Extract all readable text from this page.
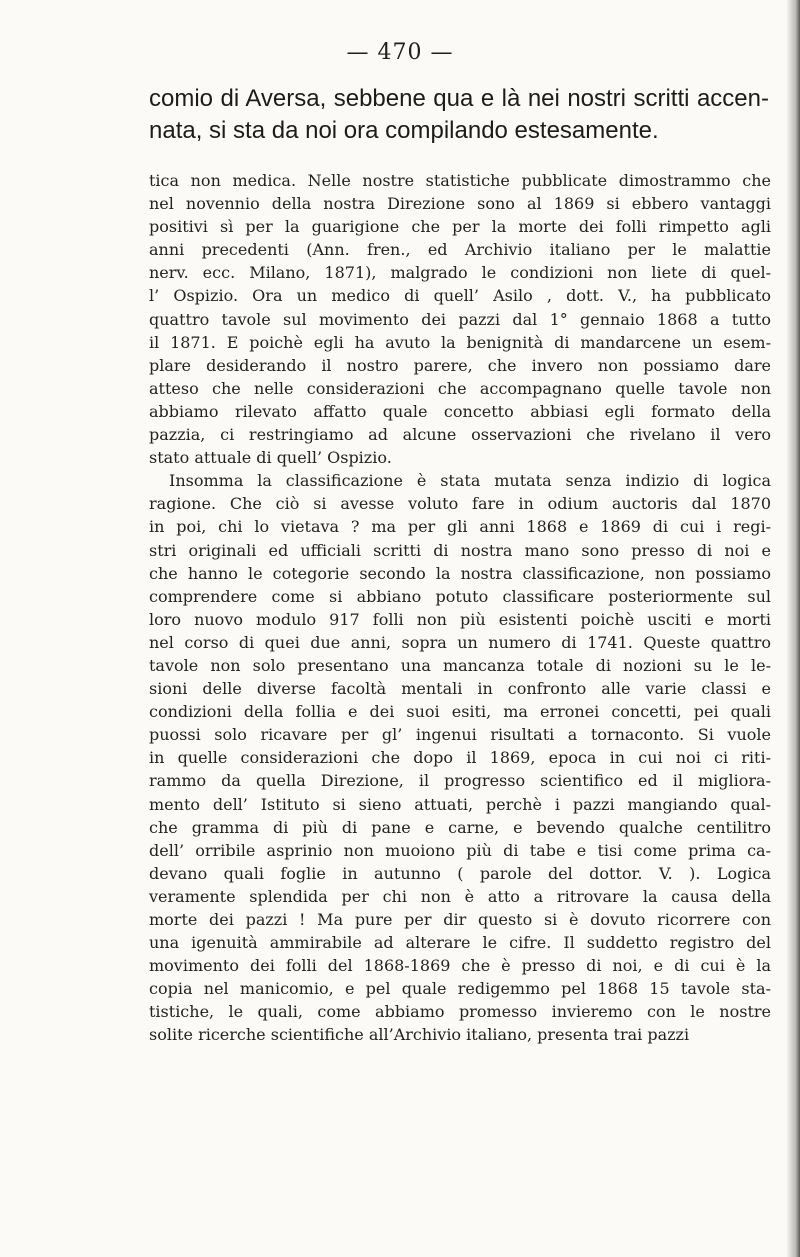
— 470 —
comio di Aversa, sebbene qua e là nei nostri scritti accen-
nata, si sta da noi ora compilando estesamente.
tica non medica. Nelle nostre statistiche pubblicate dimostrammo che
nel novennio della nostra Direzione sono al 1869 si ebbero vantaggi
positivi sì per la guarigione che per la morte dei folli rimpetto agli
anni precedenti (Ann. fren., ed Archivio italiano per le malattie
nerv. ecc. Milano, 1871), malgrado le condizioni non liete di quel-
l’ Ospizio. Ora un medico di quell’ Asilo , dott. V., ha pubblicato
quattro tavole sul movimento dei pazzi dal 1° gennaio 1868 a tutto
il 1871. E poichè egli ha avuto la benignità di mandarcene un esem-
plare desiderando il nostro parere, che invero non possiamo dare
atteso che nelle considerazioni che accompagnano quelle tavole non
abbiamo rilevato affatto quale concetto abbiasi egli formato della
pazzia, ci restringiamo ad alcune osservazioni che rivelano il vero
stato attuale di quell’ Ospizio.
Insomma la classificazione è stata mutata senza indizio di logica
ragione. Che ciò si avesse voluto fare in odium auctoris dal 1870
in poi, chi lo vietava ? ma per gli anni 1868 e 1869 di cui i regi-
stri originali ed ufficiali scritti di nostra mano sono presso di noi e
che hanno le cotegorie secondo la nostra classificazione, non possiamo
comprendere come si abbiano potuto classificare posteriormente sul
loro nuovo modulo 917 folli non più esistenti poichè usciti e morti
nel corso di quei due anni, sopra un numero di 1741. Queste quattro
tavole non solo presentano una mancanza totale di nozioni su le le-
sioni delle diverse facoltà mentali in confronto alle varie classi e
condizioni della follia e dei suoi esiti, ma erronei concetti, pei quali
puossi solo ricavare per gl’ ingenui risultati a tornaconto. Si vuole
in quelle considerazioni che dopo il 1869, epoca in cui noi ci riti-
rammo da quella Direzione, il progresso scientifico ed il migliora-
mento dell’ Istituto si sieno attuati, perchè i pazzi mangiando qual-
che gramma di più di pane e carne, e bevendo qualche centilitro
dell’ orribile asprinio non muoiono più di tabe e tisi come prima ca-
devano quali foglie in autunno ( parole del dottor. V. ). Logica
veramente splendida per chi non è atto a ritrovare la causa della
morte dei pazzi ! Ma pure per dir questo si è dovuto ricorrere con
una igenuità ammirabile ad alterare le cifre. Il suddetto registro del
movimento dei folli del 1868-1869 che è presso di noi, e di cui è la
copia nel manicomio, e pel quale redigemmo pel 1868 15 tavole sta-
tistiche, le quali, come abbiamo promesso invieremo con le nostre
solite ricerche scientifiche all’Archivio italiano, presenta trai pazzi
